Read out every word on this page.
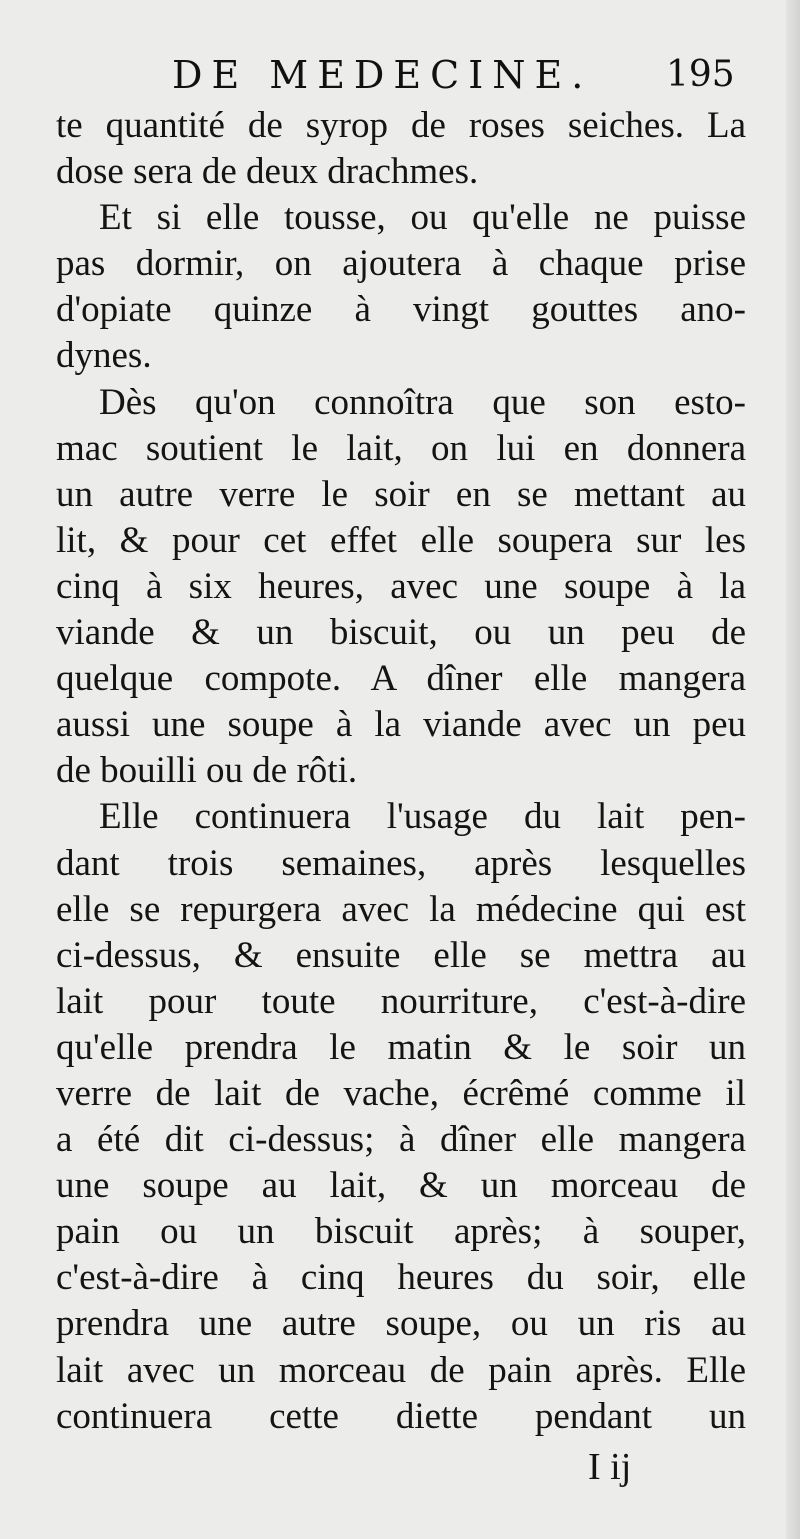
DE MEDECINE. 195
te quantité de syrop de roses seiches. La
dose sera de deux drachmes.
Et si elle tousse, ou qu'elle ne puisse
pas dormir, on ajoutera à chaque prise
d'opiate quinze à vingt gouttes ano-
dynes.
Dès qu'on connoîtra que son esto-
mac soutient le lait, on lui en donnera
un autre verre le soir en se mettant au
lit, & pour cet effet elle soupera sur les
cinq à six heures, avec une soupe à la
viande & un biscuit, ou un peu de
quelque compote. A dîner elle mangera
aussi une soupe à la viande avec un peu
de bouilli ou de rôti.
Elle continuera l'usage du lait pen-
dant trois semaines, après lesquelles
elle se repurgera avec la médecine qui est
ci-dessus, & ensuite elle se mettra au
lait pour toute nourriture, c'est-à-dire
qu'elle prendra le matin & le soir un
verre de lait de vache, écrêmé comme il
a été dit ci-dessus; à dîner elle mangera
une soupe au lait, & un morceau de
pain ou un biscuit après; à souper,
c'est-à-dire à cinq heures du soir, elle
prendra une autre soupe, ou un ris au
lait avec un morceau de pain après. Elle
continuera cette diette pendant un
I ij
